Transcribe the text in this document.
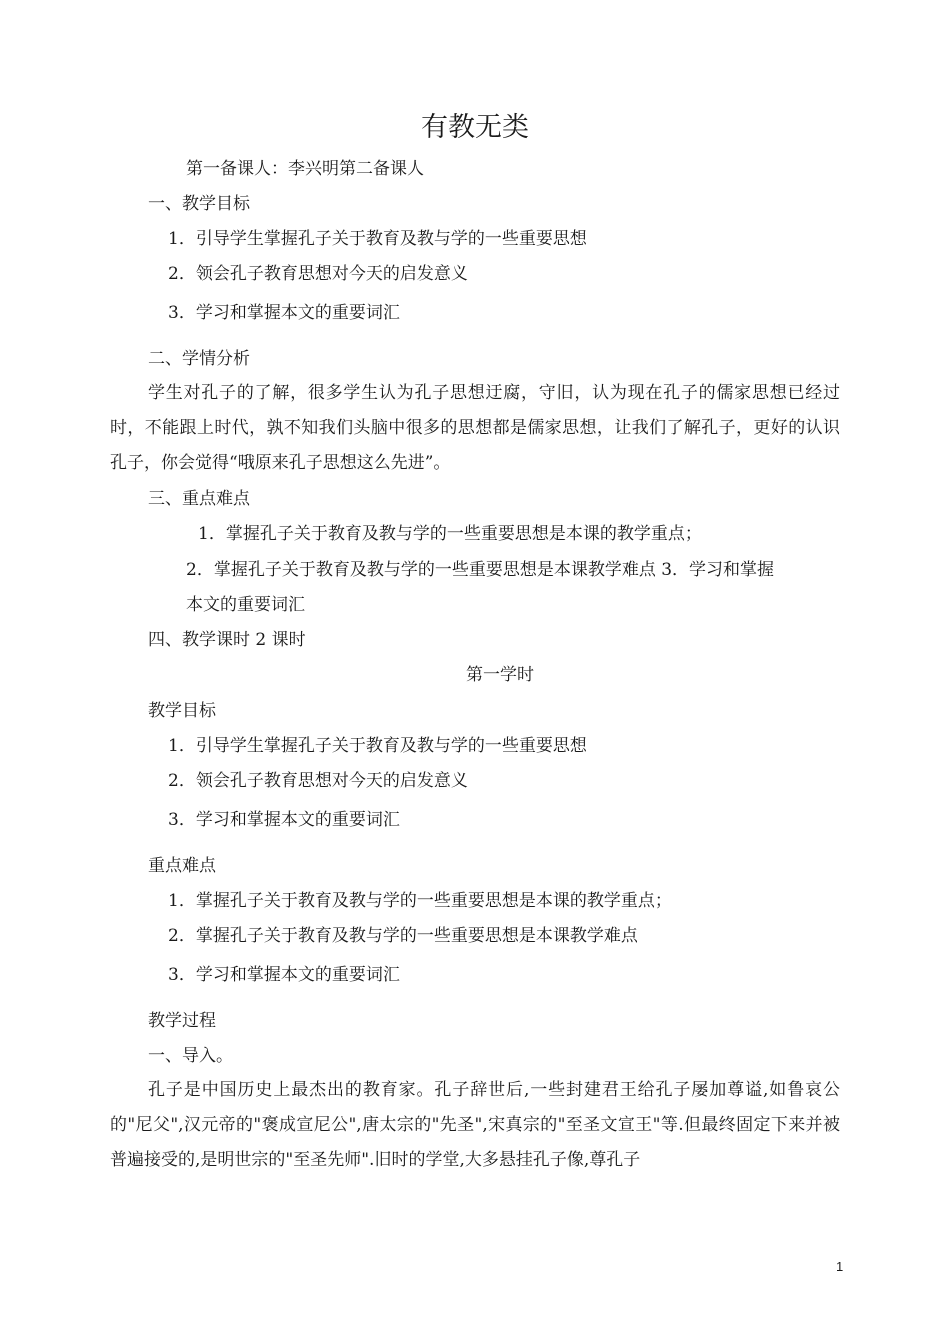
有教无类
第一备课人：李兴明第二备课人
一、教学目标
1．引导学生掌握孔子关于教育及教与学的一些重要思想
2．领会孔子教育思想对今天的启发意义
3．学习和掌握本文的重要词汇
二、学情分析
学生对孔子的了解，很多学生认为孔子思想迂腐，守旧，认为现在孔子的儒家思想已经过时，不能跟上时代，孰不知我们头脑中很多的思想都是儒家思想，让我们了解孔子，更好的认识孔子，你会觉得“哦原来孔子思想这么先进”。
三、重点难点
1．掌握孔子关于教育及教与学的一些重要思想是本课的教学重点；
2．掌握孔子关于教育及教与学的一些重要思想是本课教学难点 3．学习和掌握
本文的重要词汇
四、教学课时 2 课时
第一学时
教学目标
1．引导学生掌握孔子关于教育及教与学的一些重要思想
2．领会孔子教育思想对今天的启发意义
3．学习和掌握本文的重要词汇
重点难点
1．掌握孔子关于教育及教与学的一些重要思想是本课的教学重点；
2．掌握孔子关于教育及教与学的一些重要思想是本课教学难点
3．学习和掌握本文的重要词汇
教学过程
一、导入。
孔子是中国历史上最杰出的教育家。孔子辞世后,一些封建君王给孔子屡加尊谥,如鲁哀公的"尼父",汉元帝的"褒成宣尼公",唐太宗的"先圣",宋真宗的"至圣文宣王"等.但最终固定下来并被普遍接受的,是明世宗的"至圣先师".旧时的学堂,大多悬挂孔子像,尊孔子
1
